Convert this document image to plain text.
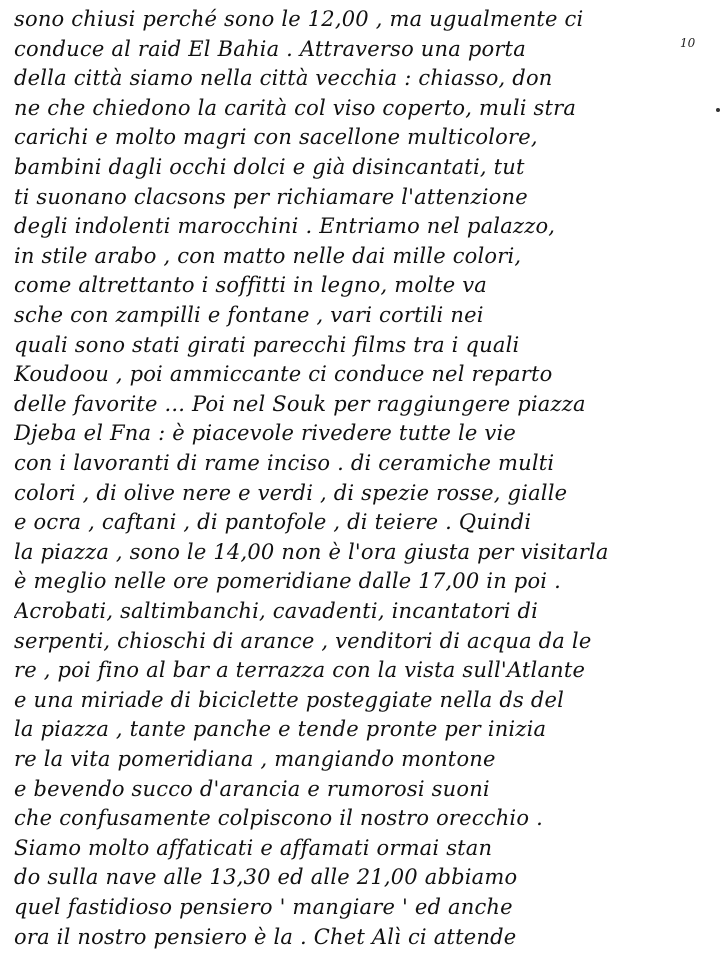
10
sono chiusi perché sono le 12,00 , ma ugualmente ci
conduce al raid El Bahia . Attraverso una porta
della città siamo nella città vecchia : chiasso, don
ne che chiedono la carità col viso coperto, muli stra
carichi e molto magri con sacellone multicolore,
bambini dagli occhi dolci e già disincantati, tut
ti suonano clacsons per richiamare l'attenzione
degli indolenti marocchini . Entriamo nel palazzo,
in stile arabo , con matto nelle dai mille colori,
come altrettanto i soffitti in legno, molte va
sche con zampilli e fontane , vari cortili nei
quali sono stati girati parecchi films tra i quali
Koudoou , poi ammiccante ci conduce nel reparto
delle favorite ... Poi nel Souk per raggiungere piazza
Djeba el Fna : è piacevole rivedere tutte le vie
con i lavoranti di rame inciso . di ceramiche multi
colori , di olive nere e verdi , di spezie rosse, gialle
e ocra , caftani , di pantofole , di teiere . Quindi
la piazza , sono le 14,00 non è l'ora giusta per visitarla
è meglio nelle ore pomeridiane dalle 17,00 in poi .
Acrobati, saltimbanchi, cavadenti, incantatori di
serpenti, chioschi di arance , venditori di acqua da le
re , poi fino al bar a terrazza con la vista sull'Atlante
e una miriade di biciclette posteggiate nella ds del
la piazza , tante panche e tende pronte per inizia
re la vita pomeridiana , mangiando montone
e bevendo succo d'arancia e rumorosi suoni
che confusamente colpiscono il nostro orecchio .
Siamo molto affaticati e affamati ormai stan
do sulla nave alle 13,30 ed alle 21,00 abbiamo
quel fastidioso pensiero ' mangiare ' ed anche
ora il nostro pensiero è la . Chet Alì ci attende
